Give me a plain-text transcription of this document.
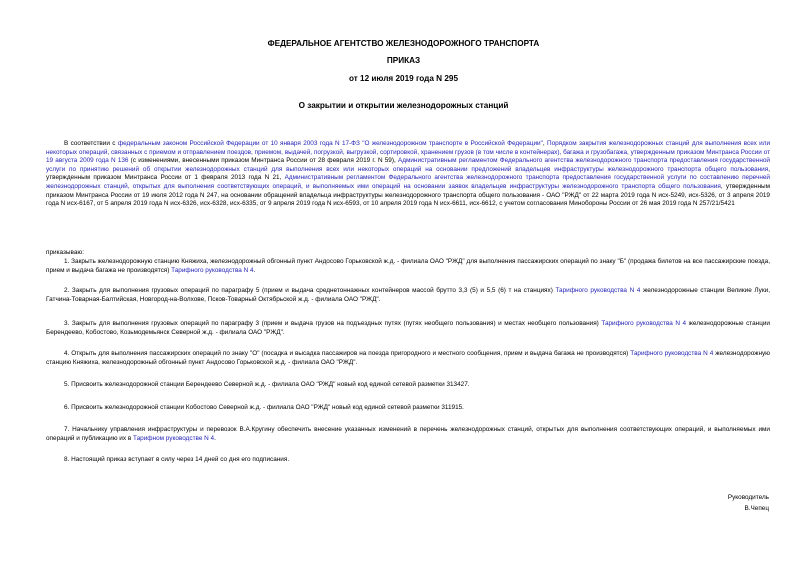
ФЕДЕРАЛЬНОЕ АГЕНТСТВО ЖЕЛЕЗНОДОРОЖНОГО ТРАНСПОРТА
ПРИКАЗ
от 12 июля 2019 года N 295
О закрытии и открытии железнодорожных станций

В соответствии с федеральным законом Российской Федерации от 10 января 2003 года N 17-ФЗ "О железнодорожном транспорте в Российской Федерации", Порядком закрытия железнодорожных станций для выполнения всех или некоторых операций, связанных с приемом и отправлением поездов, приемом, выдачей, погрузкой, выгрузкой, сортировкой, хранением грузов (в том числе в контейнерах), багажа и грузобагажа, утвержденным приказом Минтранса России от 19 августа 2009 года N 136 (с изменениями, внесенными приказом Минтранса России от 28 февраля 2019 г. N 59), Административным регламентом Федерального агентства железнодорожного транспорта предоставления государственной услуги по принятию решений об открытии железнодорожных станций для выполнения всех или некоторых операций на основании предложений владельцев инфраструктуры железнодорожного транспорта общего пользования, утвержденным приказом Минтранса России от 1 февраля 2013 года N 21, Административным регламентом Федерального агентства железнодорожного транспорта предоставления государственной услуги по составлению перечней железнодорожных станций, открытых для выполнения соответствующих операций, и выполняемых ими операций на основании заявок владельцев инфраструктуры железнодорожного транспорта общего пользования, утвержденным приказом Минтранса России от 19 июля 2012 года N 247, на основании обращений владельца инфраструктуры железнодорожного транспорта общего пользования - ОАО "РЖД" от 22 марта 2019 года N исх-5249, исх-5326, от 3 апреля 2019 года N исх-6167, от 5 апреля 2019 года N исх-6326, исх-6328, исх-6335, от 9 апреля 2019 года N исх-6593, от 10 апреля 2019 года N исх-6611, исх-6612, с учетом согласования Минобороны России от 26 мая 2019 года N 257/21/5421

приказываю:

1. Закрыть железнодорожную станцию Княжиха, железнодорожный обгонный пункт Андосово Горьковской ж.д. - филиала ОАО "РЖД" для выполнения пассажирских операций по знаку "Б" (продажа билетов на все пассажирские поезда, прием и выдача багажа не производятся) Тарифного руководства N 4.

2. Закрыть для выполнения грузовых операций по параграфу 5 (прием и выдача среднетоннажных контейнеров массой брутто 3,3 (5) и 5,5 (6) т на станциях) Тарифного руководства N 4 железнодорожные станции Великие Луки, Гатчина-Товарная-Балтийская, Новгород-на-Волхове, Псков-Товарный Октябрьской ж.д. - филиала ОАО "РЖД".

3. Закрыть для выполнения грузовых операций по параграфу 3 (прием и выдача грузов на подъездных путях (путях необщего пользования) и местах необщего пользования) Тарифного руководства N 4 железнодорожные станции Берендеево, Кобостово, Козьмодемьянск Северной ж.д. - филиала ОАО "РЖД".

4. Открыть для выполнения пассажирских операций по знаку "О" (посадка и высадка пассажиров на поезда пригородного и местного сообщения, прием и выдача багажа не производятся) Тарифного руководства N 4 железнодорожную станцию Княжиха, железнодорожный обгонный пункт Андосово Горьковской ж.д. - филиала ОАО "РЖД".

5. Присвоить железнодорожной станции Берендеево Северной ж.д. - филиала ОАО "РЖД" новый код единой сетевой разметки 313427.

6. Присвоить железнодорожной станции Кобостово Северной ж.д. - филиала ОАО "РЖД" новый код единой сетевой разметки 311915.

7. Начальнику управления инфраструктуры и перевозок В.А.Кругину обеспечить внесение указанных изменений в перечень железнодорожных станций, открытых для выполнения соответствующих операций, и выполняемых ими операций и публикацию их в Тарифном руководстве N 4.

8. Настоящий приказ вступает в силу через 14 дней со дня его подписания.

Руководитель
В.Чепец
